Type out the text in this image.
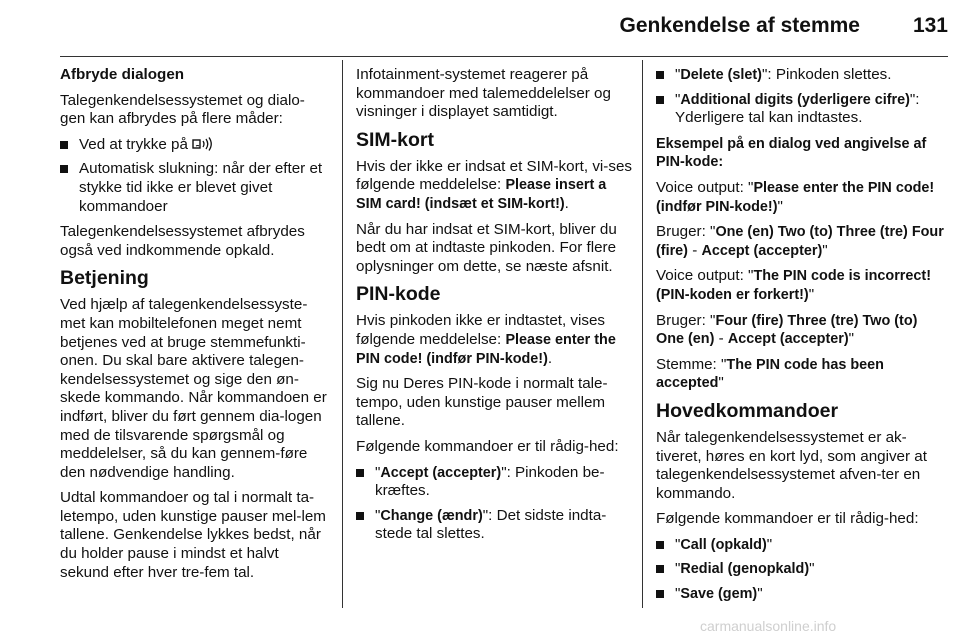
Genkendelse af stemme	131

Afbryde dialogen

Talegenkendelsessystemet og dialo-gen kan afbrydes på flere måder:

Ved at trykke på
Automatisk slukning: når der efter et stykke tid ikke er blevet givet kommandoer

Talegenkendelsessystemet afbrydes også ved indkommende opkald.

Betjening

Ved hjælp af talegenkendelsessyste-met kan mobiltelefonen meget nemt betjenes ved at bruge stemmefunkti-onen. Du skal bare aktivere talegen-kendelsessystemet og sige den øn-skede kommando. Når kommandoen er indført, bliver du ført gennem dia-logen med de tilsvarende spørgsmål og meddelelser, så du kan gennem-føre den nødvendige handling.

Udtal kommandoer og tal i normalt ta-letempo, uden kunstige pauser mel-lem tallene. Genkendelse lykkes bedst, når du holder pause i mindst et halvt sekund efter hver tre-fem tal.

Infotainment-systemet reagerer på kommandoer med talemeddelelser og visninger i displayet samtidigt.

SIM-kort

Hvis der ikke er indsat et SIM-kort, vi-ses følgende meddelelse: Please insert a SIM card! (indsæt et SIM-kort!).

Når du har indsat et SIM-kort, bliver du bedt om at indtaste pinkoden. For flere oplysninger om dette, se næste afsnit.

PIN-kode

Hvis pinkoden ikke er indtastet, vises følgende meddelelse: Please enter the PIN code! (indfør PIN-kode!).

Sig nu Deres PIN-kode i normalt tale-tempo, uden kunstige pauser mellem tallene.

Følgende kommandoer er til rådig-hed:

"Accept (accepter)": Pinkoden be-kræftes.
"Change (ændr)": Det sidste indta-stede tal slettes.
"Delete (slet)": Pinkoden slettes.
"Additional digits (yderligere cifre)": Yderligere tal kan indtastes.

Eksempel på en dialog ved angivelse af PIN-kode:

Voice output: "Please enter the PIN code! (indfør PIN-kode!)"

Bruger: "One (en) Two (to) Three (tre) Four (fire) - Accept (accepter)"

Voice output: "The PIN code is incorrect! (PIN-koden er forkert!)"

Bruger: "Four (fire) Three (tre) Two (to) One (en) - Accept (accepter)"

Stemme: "The PIN code has been accepted"

Hovedkommandoer

Når talegenkendelsessystemet er ak-tiveret, høres en kort lyd, som angiver at talegenkendelsessystemet afven-ter en kommando.

Følgende kommandoer er til rådig-hed:

"Call (opkald)"
"Redial (genopkald)"
"Save (gem)"
carmanualsonline.info
